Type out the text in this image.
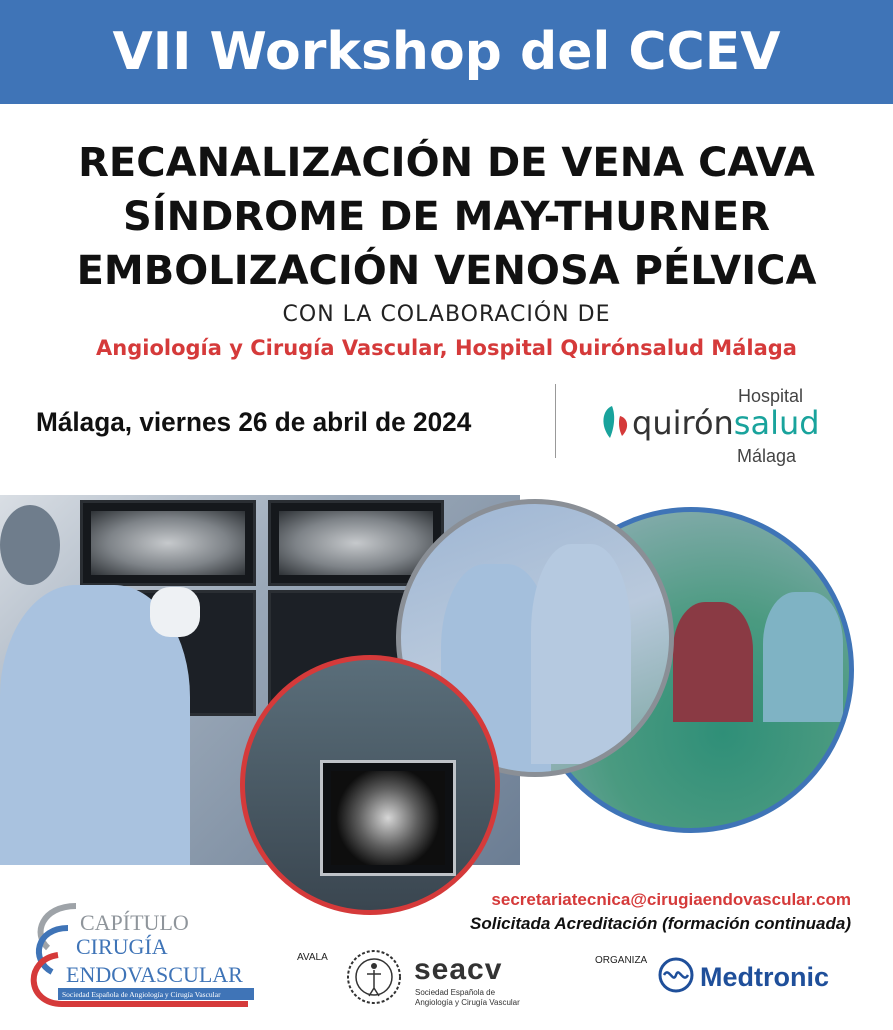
VII Workshop del CCEV
RECANALIZACIÓN DE VENA CAVA
SÍNDROME DE MAY-THURNER
EMBOLIZACIÓN VENOSA PÉLVICA
CON LA COLABORACIÓN DE
Angiología y Cirugía Vascular, Hospital Quirónsalud Málaga
Málaga, viernes 26 de abril de 2024
Hospital
quirónsalud
Málaga
secretariatecnica@cirugiaendovascular.com
Solicitada Acreditación (formación continuada)
CAPÍTULO
CIRUGÍA
ENDOVASCULAR
Sociedad Española de Angiología y Cirugía Vascular
AVALA	seacv
Sociedad Española de
Angiología y Cirugía Vascular
ORGANIZA
Medtronic
